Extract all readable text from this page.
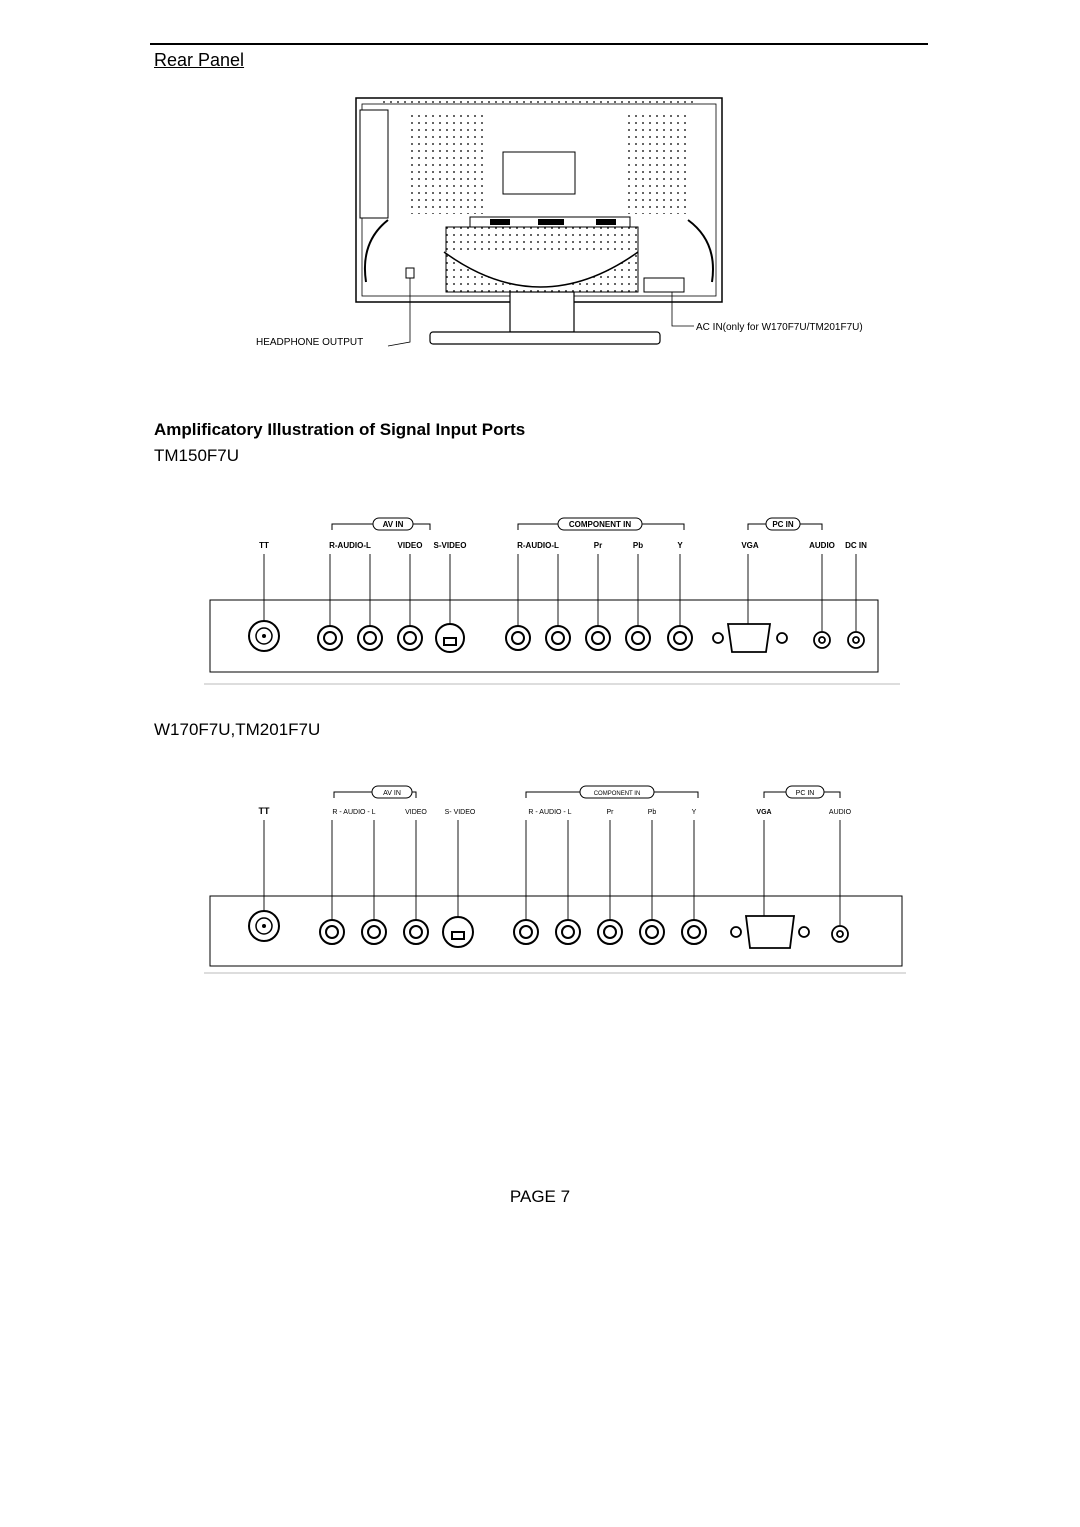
Rear Panel
HEADPHONE OUTPUT
AC IN(only for W170F7U/TM201F7U)
Amplificatory Illustration of Signal Input Ports
TM150F7U
AV IN	COMPONENT IN	PC IN
TT	R-AUDIO-L	VIDEO S-VIDEO	R-AUDIO-L	Pr	Pb	Y	VGA	AUDIO DC IN
W170F7U,TM201F7U
AV IN	COMPONENT IN	PC IN
TT	R - AUDIO - L	VIDEO	S- VIDEO	R - AUDIO - L	Pr	Pb	Y	VGA	AUDIO
PAGE 7
